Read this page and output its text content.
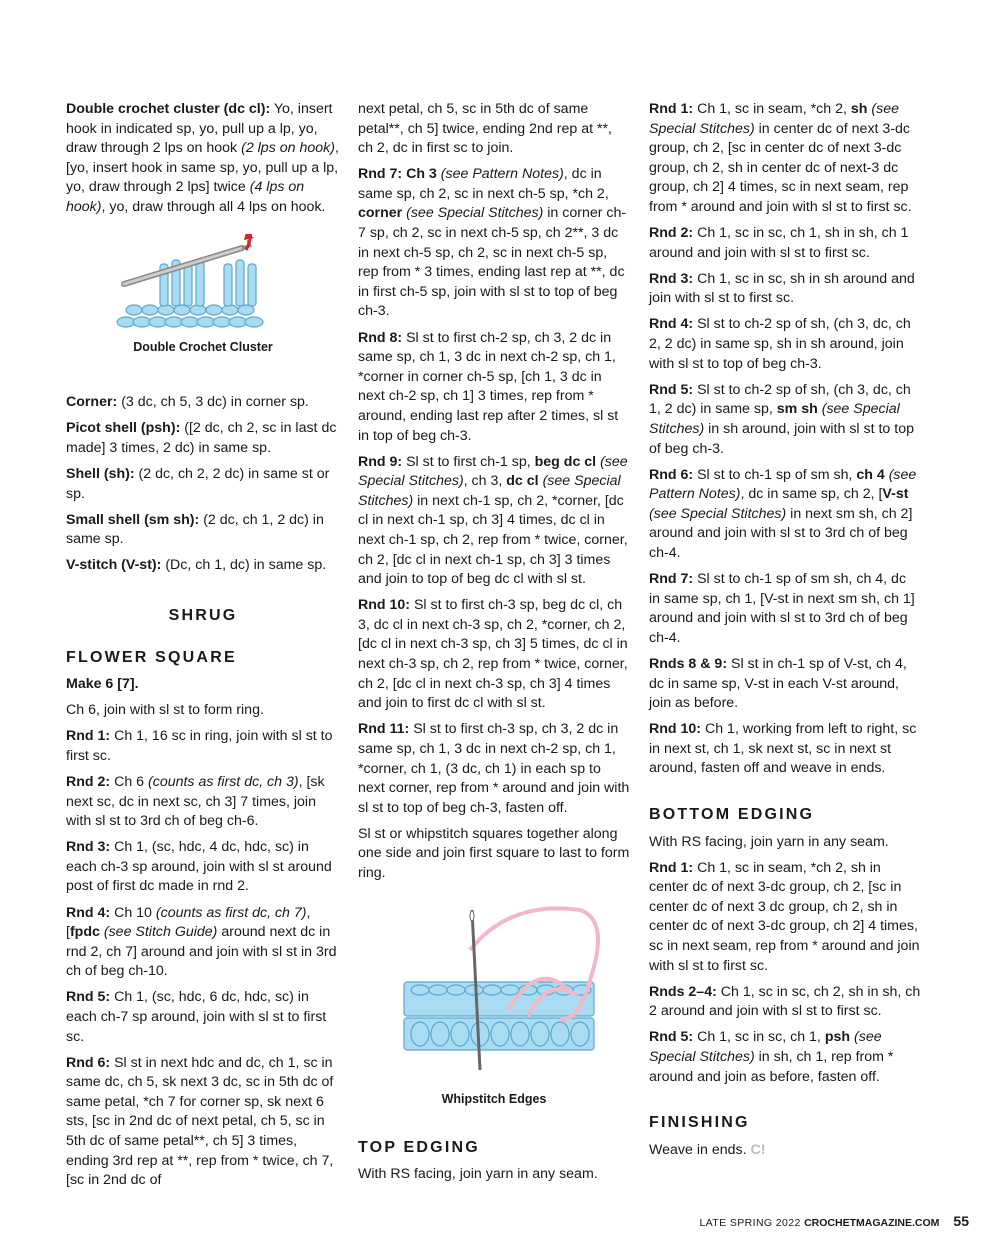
Double crochet cluster (dc cl): Yo, insert hook in indicated sp, yo, pull up a lp, yo, draw through 2 lps on hook (2 lps on hook), [yo, insert hook in same sp, yo, pull up a lp, yo, draw through 2 lps] twice (4 lps on hook), yo, draw through all 4 lps on hook.

Double Crochet Cluster

Corner: (3 dc, ch 5, 3 dc) in corner sp.

Picot shell (psh): ([2 dc, ch 2, sc in last dc made] 3 times, 2 dc) in same sp.

Shell (sh): (2 dc, ch 2, 2 dc) in same st or sp.

Small shell (sm sh): (2 dc, ch 1, 2 dc) in same sp.

V-stitch (V-st): (Dc, ch 1, dc) in same sp.

SHRUG
FLOWER SQUARE

Make 6 [7].

Ch 6, join with sl st to form ring.

Rnd 1: Ch 1, 16 sc in ring, join with sl st to first sc.

Rnd 2: Ch 6 (counts as first dc, ch 3), [sk next sc, dc in next sc, ch 3] 7 times, join with sl st to 3rd ch of beg ch-6.

Rnd 3: Ch 1, (sc, hdc, 4 dc, hdc, sc) in each ch-3 sp around, join with sl st around post of first dc made in rnd 2.

Rnd 4: Ch 10 (counts as first dc, ch 7), [fpdc (see Stitch Guide) around next dc in rnd 2, ch 7] around and join with sl st in 3rd ch of beg ch-10.

Rnd 5: Ch 1, (sc, hdc, 6 dc, hdc, sc) in each ch-7 sp around, join with sl st to first sc.

Rnd 6: Sl st in next hdc and dc, ch 1, sc in same dc, ch 5, sk next 3 dc, sc in 5th dc of same petal, *ch 7 for corner sp, sk next 6 sts, [sc in 2nd dc of next petal, ch 5, sc in 5th dc of same petal**, ch 5] 3 times, ending 3rd rep at **, rep from * twice, ch 7, [sc in 2nd dc of

next petal, ch 5, sc in 5th dc of same petal**, ch 5] twice, ending 2nd rep at **, ch 2, dc in first sc to join.

Rnd 7: Ch 3 (see Pattern Notes), dc in same sp, ch 2, sc in next ch-5 sp, *ch 2, corner (see Special Stitches) in corner ch-7 sp, ch 2, sc in next ch-5 sp, ch 2**, 3 dc in next ch-5 sp, ch 2, sc in next ch-5 sp, rep from * 3 times, ending last rep at **, dc in first ch-5 sp, join with sl st to top of beg ch-3.

Rnd 8: Sl st to first ch-2 sp, ch 3, 2 dc in same sp, ch 1, 3 dc in next ch-2 sp, ch 1, *corner in corner ch-5 sp, [ch 1, 3 dc in next ch-2 sp, ch 1] 3 times, rep from * around, ending last rep after 2 times, sl st in top of beg ch-3.

Rnd 9: Sl st to first ch-1 sp, beg dc cl (see Special Stitches), ch 3, dc cl (see Special Stitches) in next ch-1 sp, ch 2, *corner, [dc cl in next ch-1 sp, ch 3] 4 times, dc cl in next ch-1 sp, ch 2, rep from * twice, corner, ch 2, [dc cl in next ch-1 sp, ch 3] 3 times and join to top of beg dc cl with sl st.

Rnd 10: Sl st to first ch-3 sp, beg dc cl, ch 3, dc cl in next ch-3 sp, ch 2, *corner, ch 2, [dc cl in next ch-3 sp, ch 3] 5 times, dc cl in next ch-3 sp, ch 2, rep from * twice, corner, ch 2, [dc cl in next ch-3 sp, ch 3] 4 times and join to first dc cl with sl st.

Rnd 11: Sl st to first ch-3 sp, ch 3, 2 dc in same sp, ch 1, 3 dc in next ch-2 sp, ch 1, *corner, ch 1, (3 dc, ch 1) in each sp to next corner, rep from * around and join with sl st to top of beg ch-3, fasten off.

Sl st or whipstitch squares together along one side and join first square to last to form ring.

Whipstitch Edges
TOP EDGING

With RS facing, join yarn in any seam.

Rnd 1: Ch 1, sc in seam, *ch 2, sh (see Special Stitches) in center dc of next 3-dc group, ch 2, [sc in center dc of next 3-dc group, ch 2, sh in center dc of next-3 dc group, ch 2] 4 times, sc in next seam, rep from * around and join with sl st to first sc.

Rnd 2: Ch 1, sc in sc, ch 1, sh in sh, ch 1 around and join with sl st to first sc.

Rnd 3: Ch 1, sc in sc, sh in sh around and join with sl st to first sc.

Rnd 4: Sl st to ch-2 sp of sh, (ch 3, dc, ch 2, 2 dc) in same sp, sh in sh around, join with sl st to top of beg ch-3.

Rnd 5: Sl st to ch-2 sp of sh, (ch 3, dc, ch 1, 2 dc) in same sp, sm sh (see Special Stitches) in sh around, join with sl st to top of beg ch-3.

Rnd 6: Sl st to ch-1 sp of sm sh, ch 4 (see Pattern Notes), dc in same sp, ch 2, [V-st (see Special Stitches) in next sm sh, ch 2] around and join with sl st to 3rd ch of beg ch-4.

Rnd 7: Sl st to ch-1 sp of sm sh, ch 4, dc in same sp, ch 1, [V-st in next sm sh, ch 1] around and join with sl st to 3rd ch of beg ch-4.

Rnds 8 & 9: Sl st in ch-1 sp of V-st, ch 4, dc in same sp, V-st in each V-st around, join as before.

Rnd 10: Ch 1, working from left to right, sc in next st, ch 1, sk next st, sc in next st around, fasten off and weave in ends.

BOTTOM EDGING

With RS facing, join yarn in any seam.

Rnd 1: Ch 1, sc in seam, *ch 2, sh in center dc of next 3-dc group, ch 2, [sc in center dc of next 3 dc group, ch 2, sh in center dc of next 3-dc group, ch 2] 4 times, sc in next seam, rep from * around and join with sl st to first sc.

Rnds 2–4: Ch 1, sc in sc, ch 2, sh in sh, ch 2 around and join with sl st to first sc.

Rnd 5: Ch 1, sc in sc, ch 1, psh (see Special Stitches) in sh, ch 1, rep from * around and join as before, fasten off.

FINISHING

Weave in ends. C!

LATE SPRING 2022 CROCHETMAGAZINE.COM 55
